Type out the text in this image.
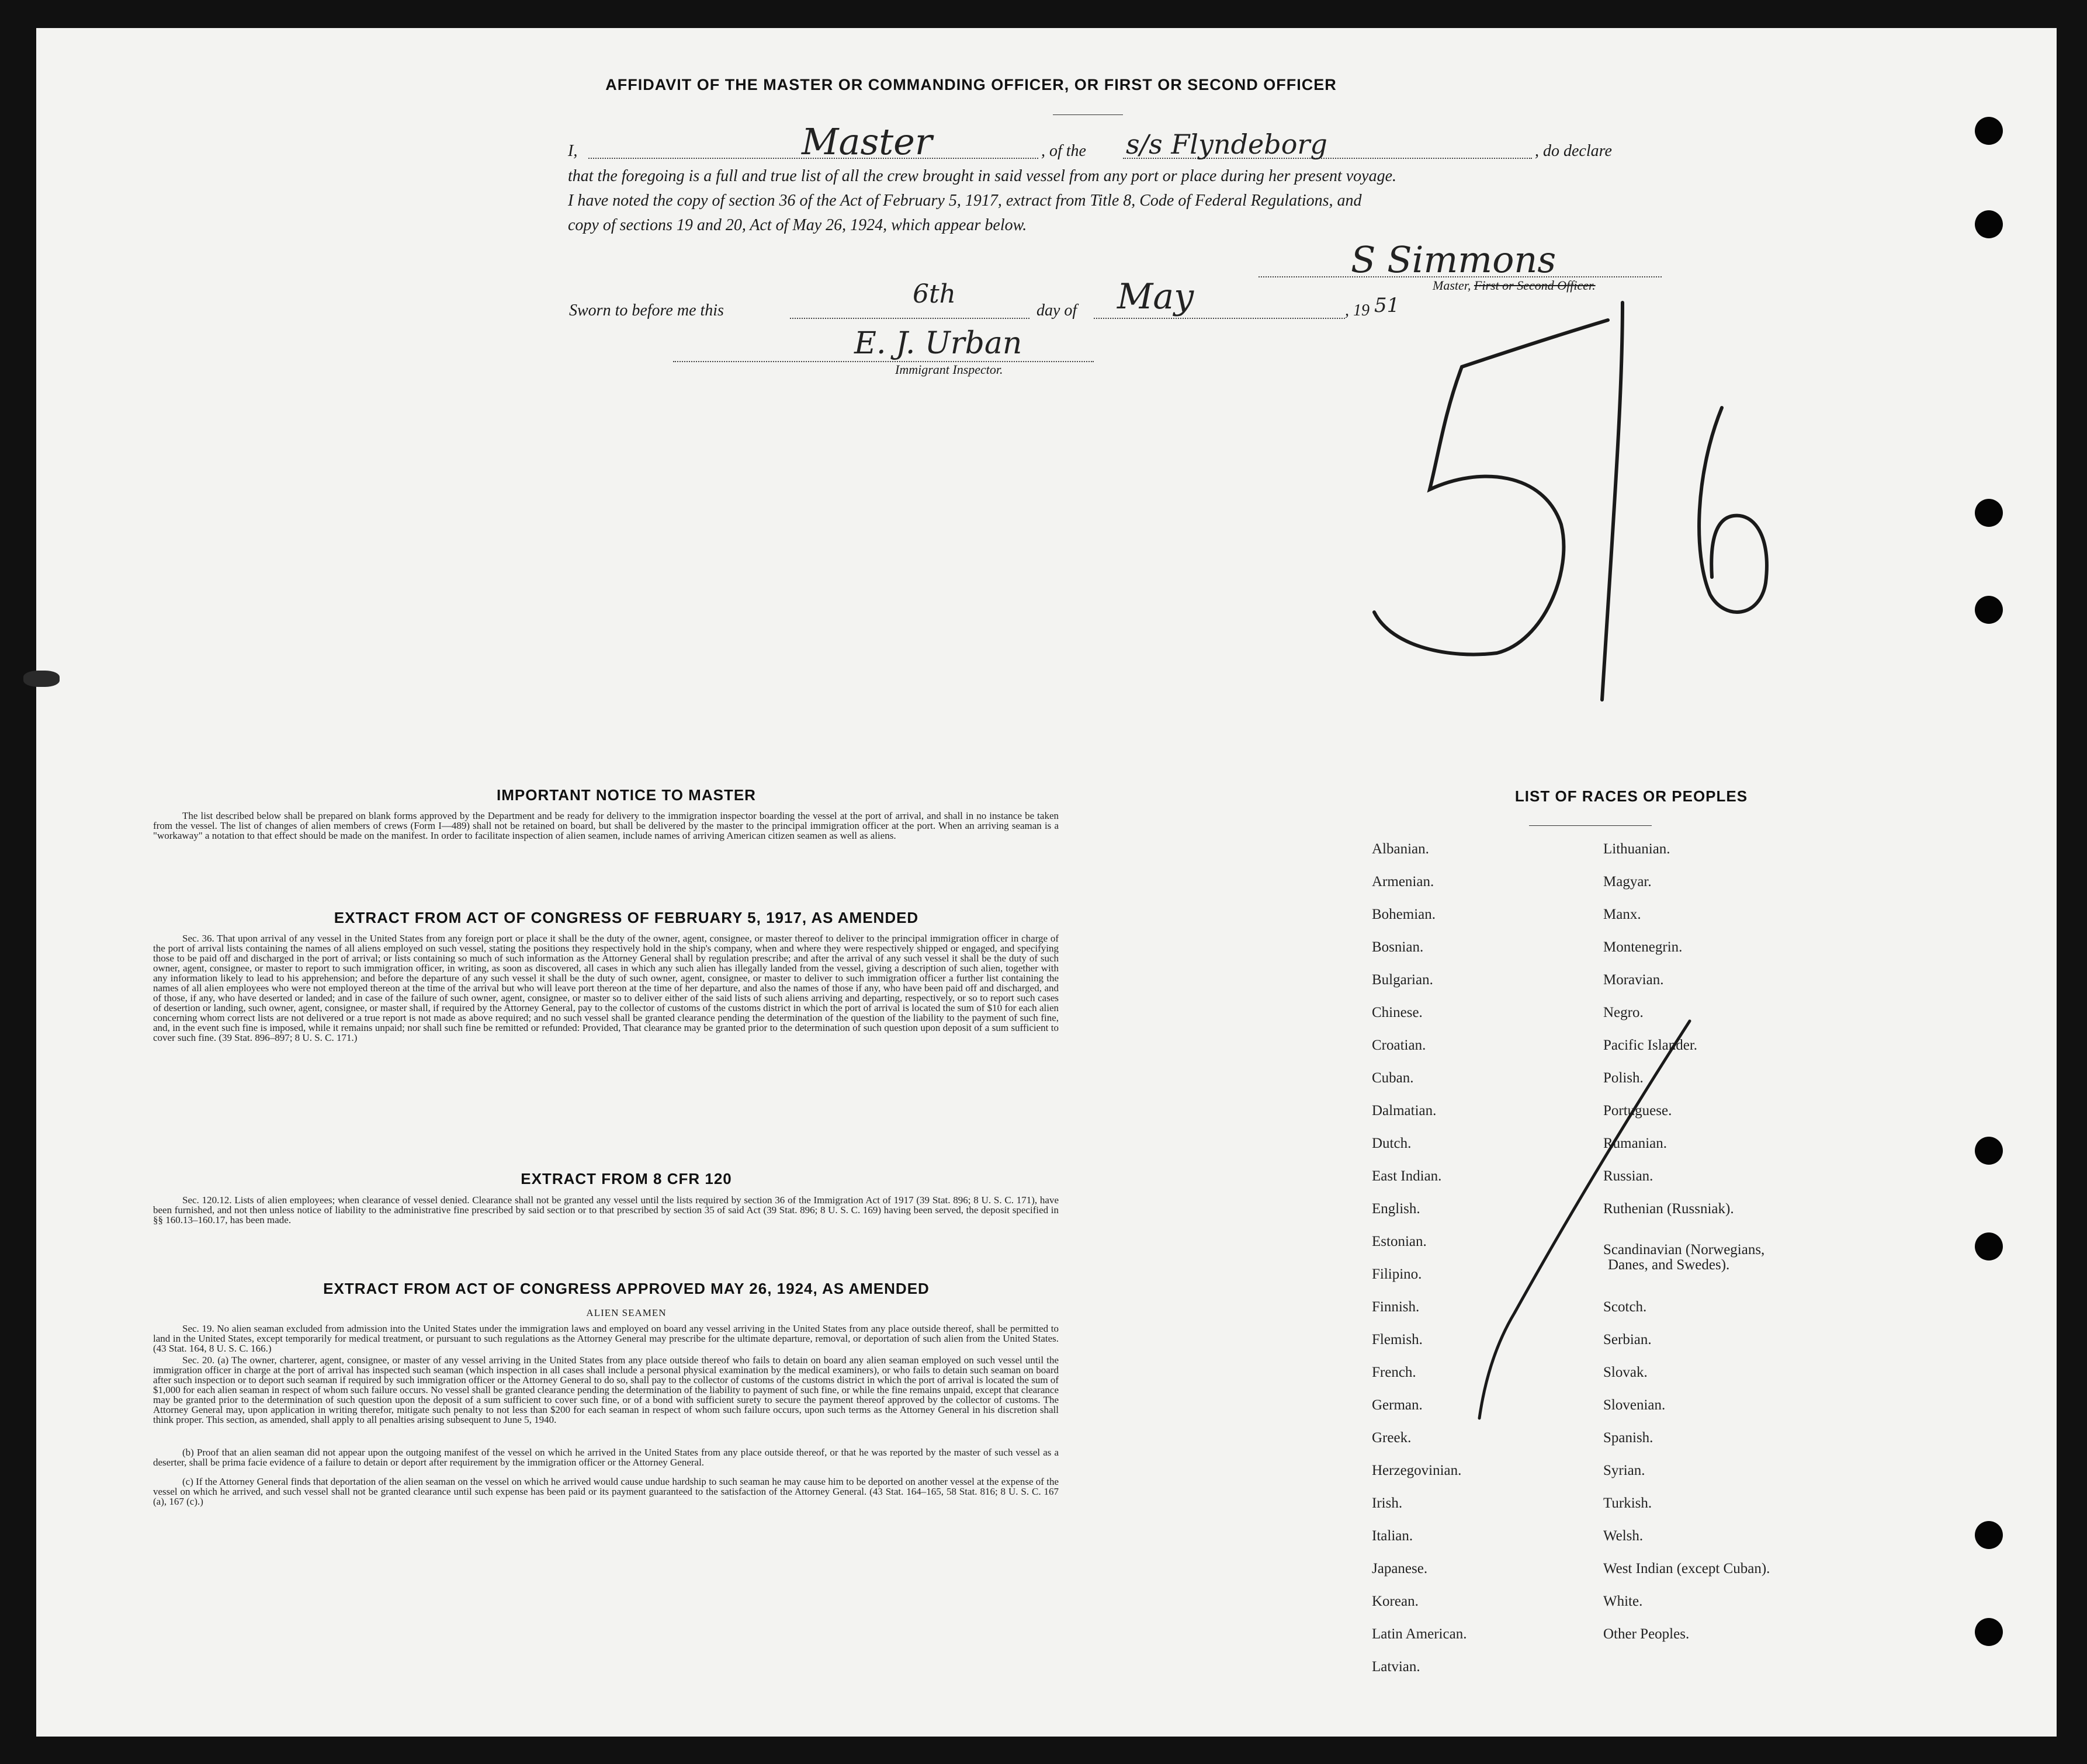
AFFIDAVIT OF THE MASTER OR COMMANDING OFFICER, OR FIRST OR SECOND OFFICER
I,	Master	, of the s/s Flyndeborg	, do declare
that the foregoing is a full and true list of all the crew brought in said vessel from any port or place during her present voyage.
I have noted the copy of section 36 of the Act of February 5, 1917, extract from Title 8, Code of Federal Regulations, and
copy of sections 19 and 20, Act of May 26, 1924, which appear below.
S Simmons
Master, First or Second Officer.
Sworn to before me this
6th
day of May	, 19 51
E. J. Urban
Immigrant Inspector.
IMPORTANT NOTICE TO MASTER
The list described below shall be prepared on blank forms approved by the Department and be ready for delivery to the immigration inspector boarding the vessel at the port of arrival, and shall in no instance be taken from the vessel. The list of changes of alien members of crews (Form I—489) shall not be retained on board, but shall be delivered by the master to the principal immigration officer at the port. When an arriving seaman is a "workaway" a notation to that effect should be made on the manifest. In order to facilitate inspection of alien seamen, include names of arriving American citizen seamen as well as aliens.
EXTRACT FROM ACT OF CONGRESS OF FEBRUARY 5, 1917, AS AMENDED
Sec. 36. That upon arrival of any vessel in the United States from any foreign port or place it shall be the duty of the owner, agent, consignee, or master thereof to deliver to the principal immigration officer in charge of the port of arrival lists containing the names of all aliens employed on such vessel, stating the positions they respectively hold in the ship's company, when and where they were respectively shipped or engaged, and specifying those to be paid off and discharged in the port of arrival; or lists containing so much of such information as the Attorney General shall by regulation prescribe; and after the arrival of any such vessel it shall be the duty of such owner, agent, consignee, or master to report to such immigration officer, in writing, as soon as discovered, all cases in which any such alien has illegally landed from the vessel, giving a description of such alien, together with any information likely to lead to his apprehension; and before the departure of any such vessel it shall be the duty of such owner, agent, consignee, or master to deliver to such immigration officer a further list containing the names of all alien employees who were not employed thereon at the time of the arrival but who will leave port thereon at the time of her departure, and also the names of those if any, who have been paid off and discharged, and of those, if any, who have deserted or landed; and in case of the failure of such owner, agent, consignee, or master so to deliver either of the said lists of such aliens arriving and departing, respectively, or so to report such cases of desertion or landing, such owner, agent, consignee, or master shall, if required by the Attorney General, pay to the collector of customs of the customs district in which the port of arrival is located the sum of $10 for each alien concerning whom correct lists are not delivered or a true report is not made as above required; and no such vessel shall be granted clearance pending the determination of the question of the liability to the payment of such fine, and, in the event such fine is imposed, while it remains unpaid; nor shall such fine be remitted or refunded: Provided, That clearance may be granted prior to the determination of such question upon deposit of a sum sufficient to cover such fine. (39 Stat. 896–897; 8 U. S. C. 171.)
EXTRACT FROM 8 CFR 120
Sec. 120.12. Lists of alien employees; when clearance of vessel denied. Clearance shall not be granted any vessel until the lists required by section 36 of the Immigration Act of 1917 (39 Stat. 896; 8 U. S. C. 171), have been furnished, and not then unless notice of liability to the administrative fine prescribed by said section or to that prescribed by section 35 of said Act (39 Stat. 896; 8 U. S. C. 169) having been served, the deposit specified in §§ 160.13–160.17, has been made.
EXTRACT FROM ACT OF CONGRESS APPROVED MAY 26, 1924, AS AMENDED
ALIEN SEAMEN
Sec. 19. No alien seaman excluded from admission into the United States under the immigration laws and employed on board any vessel arriving in the United States from any place outside thereof, shall be permitted to land in the United States, except temporarily for medical treatment, or pursuant to such regulations as the Attorney General may prescribe for the ultimate departure, removal, or deportation of such alien from the United States. (43 Stat. 164, 8 U. S. C. 166.)
Sec. 20. (a) The owner, charterer, agent, consignee, or master of any vessel arriving in the United States from any place outside thereof who fails to detain on board any alien seaman employed on such vessel until the immigration officer in charge at the port of arrival has inspected such seaman (which inspection in all cases shall include a personal physical examination by the medical examiners), or who fails to detain such seaman on board after such inspection or to deport such seaman if required by such immigration officer or the Attorney General to do so, shall pay to the collector of customs of the customs district in which the port of arrival is located the sum of $1,000 for each alien seaman in respect of whom such failure occurs. No vessel shall be granted clearance pending the determination of the liability to payment of such fine, or while the fine remains unpaid, except that clearance may be granted prior to the determination of such question upon the deposit of a sum sufficient to cover such fine, or of a bond with sufficient surety to secure the payment thereof approved by the collector of customs. The Attorney General may, upon application in writing therefor, mitigate such penalty to not less than $200 for each seaman in respect of whom such failure occurs, upon such terms as the Attorney General in his discretion shall think proper. This section, as amended, shall apply to all penalties arising subsequent to June 5, 1940.
(b) Proof that an alien seaman did not appear upon the outgoing manifest of the vessel on which he arrived in the United States from any place outside thereof, or that he was reported by the master of such vessel as a deserter, shall be prima facie evidence of a failure to detain or deport after requirement by the immigration officer or the Attorney General.
(c) If the Attorney General finds that deportation of the alien seaman on the vessel on which he arrived would cause undue hardship to such seaman he may cause him to be deported on another vessel at the expense of the vessel on which he arrived, and such vessel shall not be granted clearance until such expense has been paid or its payment guaranteed to the satisfaction of the Attorney General. (43 Stat. 164–165, 58 Stat. 816; 8 U. S. C. 167 (a), 167 (c).)
LIST OF RACES OR PEOPLES
Albanian.
Armenian.
Bohemian.
Bosnian.
Bulgarian.
Chinese.
Croatian.
Cuban.
Dalmatian.
Dutch.
East Indian.
English.
Estonian.
Filipino.
Finnish.
Flemish.
French.
German.
Greek.
Herzegovinian.
Irish.
Italian.
Japanese.
Korean.
Latin American.
Latvian.
Lithuanian.
Magyar.
Manx.
Montenegrin.
Moravian.
Negro.
Pacific Islander.
Polish.
Portuguese.
Rumanian.
Russian.
Ruthenian (Russniak).
Scandinavian (Norwegians,
Danes, and Swedes).
Scotch.
Serbian.
Slovak.
Slovenian.
Spanish.
Syrian.
Turkish.
Welsh.
West Indian (except Cuban).
White.
Other Peoples.
